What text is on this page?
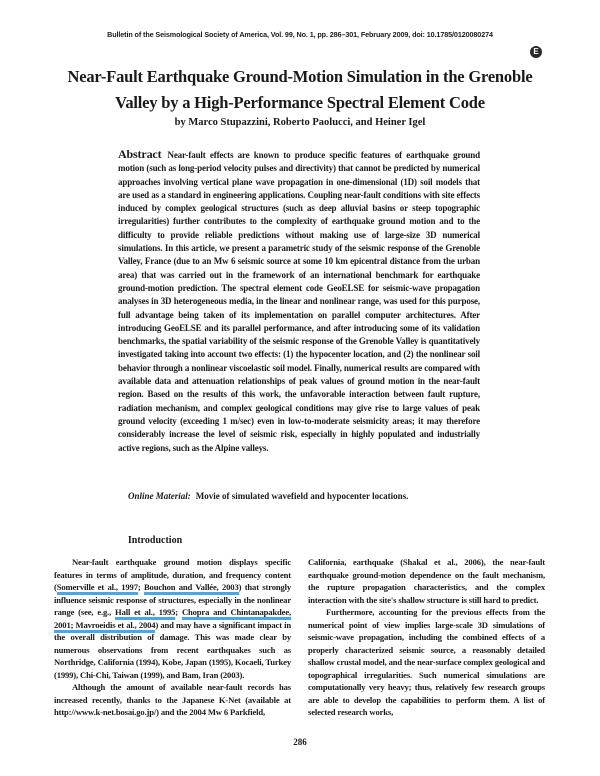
Bulletin of the Seismological Society of America, Vol. 99, No. 1, pp. 286–301, February 2009, doi: 10.1785/0120080274
E
Near-Fault Earthquake Ground-Motion Simulation in the Grenoble
Valley by a High-Performance Spectral Element Code
by Marco Stupazzini, Roberto Paolucci, and Heiner Igel
Abstract Near-fault effects are known to produce specific features of earthquake ground motion (such as long-period velocity pulses and directivity) that cannot be predicted by numerical approaches involving vertical plane wave propagation in one-dimensional (1D) soil models that are used as a standard in engineering applications. Coupling near-fault conditions with site effects induced by complex geological structures (such as deep alluvial basins or steep topographic irregularities) further contributes to the complexity of earthquake ground motion and to the difficulty to provide reliable predictions without making use of large-size 3D numerical simulations. In this article, we present a parametric study of the seismic response of the Grenoble Valley, France (due to an Mw 6 seismic source at some 10 km epicentral distance from the urban area) that was carried out in the framework of an international benchmark for earthquake ground-motion prediction. The spectral element code GeoELSE for seismic-wave propagation analyses in 3D heterogeneous media, in the linear and nonlinear range, was used for this purpose, full advantage being taken of its implementation on parallel computer architectures. After introducing GeoELSE and its parallel performance, and after introducing some of its validation benchmarks, the spatial variability of the seismic response of the Grenoble Valley is quantitatively investigated taking into account two effects: (1) the hypocenter location, and (2) the nonlinear soil behavior through a nonlinear viscoelastic soil model. Finally, numerical results are compared with available data and attenuation relationships of peak values of ground motion in the near-fault region. Based on the results of this work, the unfavorable interaction between fault rupture, radiation mechanism, and complex geological conditions may give rise to large values of peak ground velocity (exceeding 1 m/sec) even in low-to-moderate seismicity areas; it may therefore considerably increase the level of seismic risk, especially in highly populated and industrially active regions, such as the Alpine valleys.
Online Material: Movie of simulated wavefield and hypocenter locations.
Introduction

Near-fault earthquake ground motion displays specific features in terms of amplitude, duration, and frequency content (Somerville et al., 1997; Bouchon and Vallée, 2003) that strongly influence seismic response of structures, especially in the nonlinear range (see, e.g., Hall et al., 1995; Chopra and Chintanapakdee, 2001; Mavroeidis et al., 2004) and may have a significant impact in the overall distribution of damage. This was made clear by numerous observations from recent earthquakes such as Northridge, California (1994), Kobe, Japan (1995), Kocaeli, Turkey (1999), Chi-Chi, Taiwan (1999), and Bam, Iran (2003).

Although the amount of available near-fault records has increased recently, thanks to the Japanese K-Net (available at http://www.k-net.bosai.go.jp/) and the 2004 Mw 6 Parkfield,

California, earthquake (Shakal et al., 2006), the near-fault earthquake ground-motion dependence on the fault mechanism, the rupture propagation characteristics, and the complex interaction with the site's shallow structure is still hard to predict.

Furthermore, accounting for the previous effects from the numerical point of view implies large-scale 3D simulations of seismic-wave propagation, including the combined effects of a properly characterized seismic source, a reasonably detailed shallow crustal model, and the near-surface complex geological and topographical irregularities. Such numerical simulations are computationally very heavy; thus, relatively few research groups are able to develop the capabilities to perform them. A list of selected research works,

286
